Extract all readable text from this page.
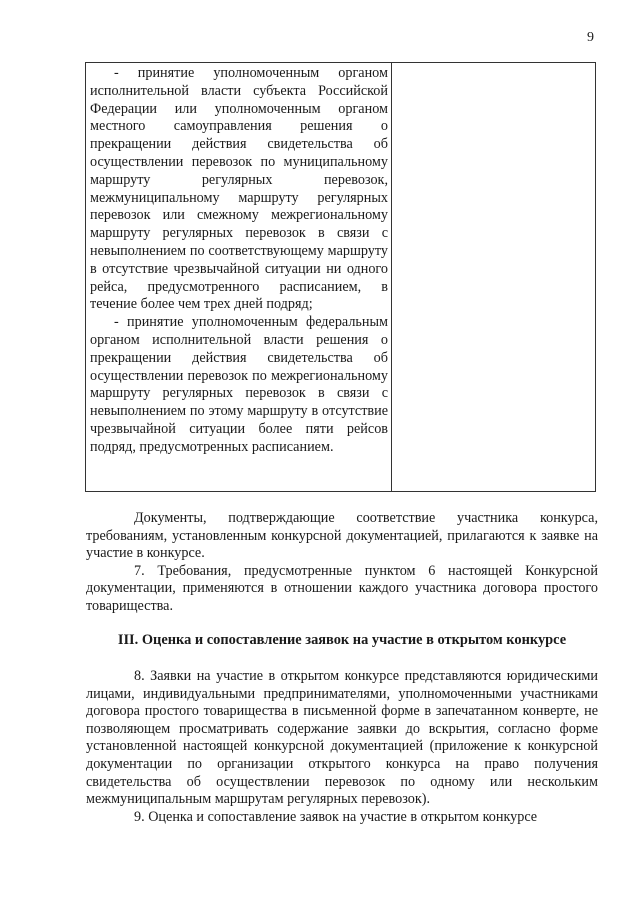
9

- принятие уполномоченным органом исполнительной власти субъекта Российской Федерации или уполномоченным органом местного самоуправления решения о прекращении действия свидетельства об осуществлении перевозок по муниципальному маршруту регулярных перевозок, межмуниципальному маршруту регулярных перевозок или смежному межрегиональному маршруту регулярных перевозок в связи с невыполнением по соответствующему маршруту в отсутствие чрезвычайной ситуации ни одного рейса, предусмотренного расписанием, в течение более чем трех дней подряд;

- принятие уполномоченным федеральным органом исполнительной власти решения о прекращении действия свидетельства об осуществлении перевозок по межрегиональному маршруту регулярных перевозок в связи с невыполнением по этому маршруту в отсутствие чрезвычайной ситуации более пяти рейсов подряд, предусмотренных расписанием.

Документы, подтверждающие соответствие участника конкурса, требованиям, установленным конкурсной документацией, прилагаются к заявке на участие в конкурсе.

7. Требования, предусмотренные пунктом 6 настоящей Конкурсной документации, применяются в отношении каждого участника договора простого товарищества.

III. Оценка и сопоставление заявок на участие в открытом конкурсе

8. Заявки на участие в открытом конкурсе представляются юридическими лицами, индивидуальными предпринимателями, уполномоченными участниками договора простого товарищества в письменной форме в запечатанном конверте, не позволяющем просматривать содержание заявки до вскрытия, согласно форме установленной настоящей конкурсной документацией (приложение к конкурсной документации по организации открытого конкурса на право получения свидетельства об осуществлении перевозок по одному или нескольким межмуниципальным маршрутам регулярных перевозок).

9. Оценка и сопоставление заявок на участие в открытом конкурсе
